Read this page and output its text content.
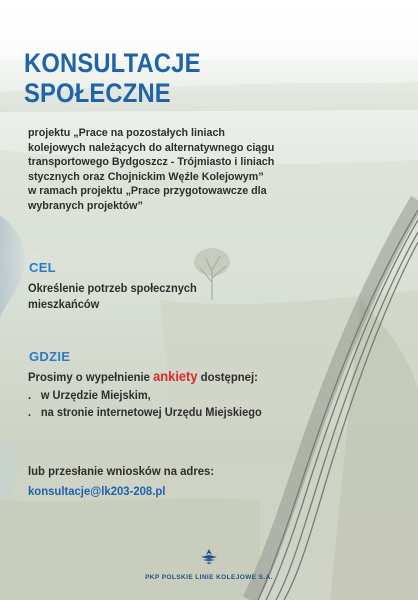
KONSULTACJE
SPOŁECZNE
projektu „Prace na pozostałych liniach
kolejowych należących do alternatywnego ciągu
transportowego Bydgoszcz - Trójmiasto i liniach
stycznych oraz Chojnickim Węźle Kolejowym”
w ramach projektu „Prace przygotowawcze dla
wybranych projektów”
CEL
Określenie potrzeb społecznych
mieszkańców
GDZIE
Prosimy o wypełnienie ankiety dostępnej:
. w Urzędzie Miejskim,
. na stronie internetowej Urzędu Miejskiego
lub przesłanie wniosków na adres:
konsultacje@lk203-208.pl
PKP POLSKIE LINIE KOLEJOWE S.A.
